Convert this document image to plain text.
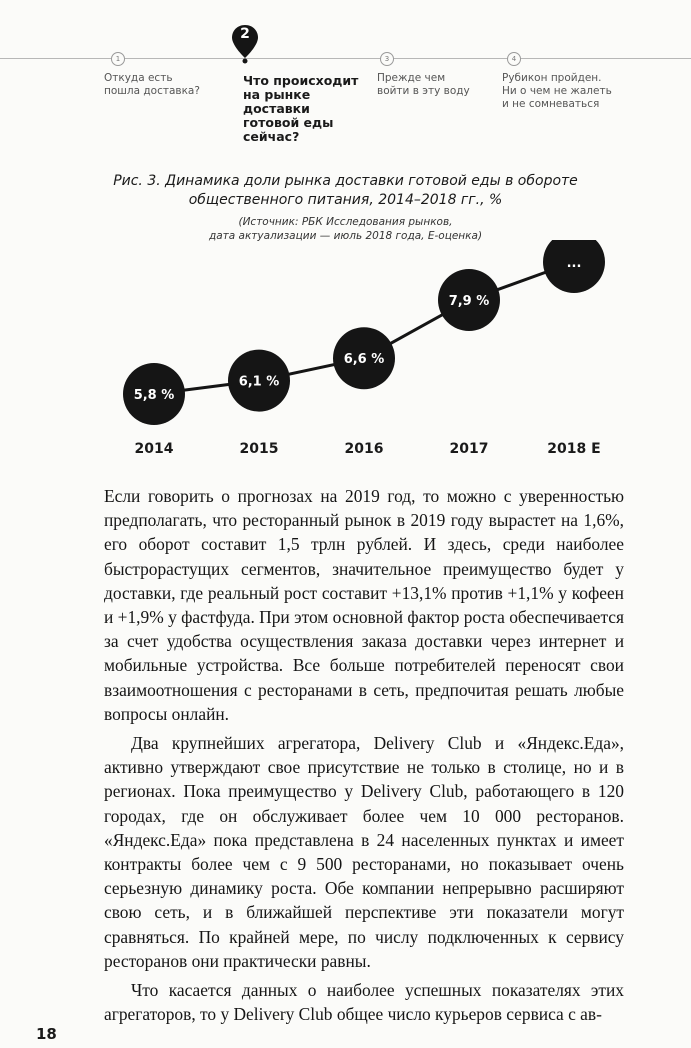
1	3	4
2
Откуда есть
пошла доставка?
Что происходит
на рынке
доставки
готовой еды
сейчас?
Прежде чем
войти в эту воду
Рубикон пройден.
Ни о чем не жалеть
и не сомневаться
Рис. 3. Динамика доли рынка доставки готовой еды в обороте общественного питания, 2014–2018 гг., %
(Источник: РБК Исследования рынков,
дата актуализации — июль 2018 года, E-оценка)
5,8 %
2014
6,1 %
2015
6,6 %
2016
7,9 %
2017
...
2018 E

Если говорить о прогнозах на 2019 год, то можно с уверенностью предполагать, что ресторанный рынок в 2019 году вырастет на 1,6%, его оборот составит 1,5 трлн рублей. И здесь, среди наиболее быстрорастущих сегментов, значительное преимущество будет у доставки, где реальный рост составит +13,1% против +1,1% у кофеен и +1,9% у фастфуда. При этом основной фактор роста обеспечивается за счет удобства осуществления заказа доставки через интернет и мобильные устройства. Все больше потребителей переносят свои взаимоотношения с ресторанами в сеть, предпочитая решать любые вопросы онлайн.

Два крупнейших агрегатора, Delivery Club и «Яндекс.Еда», активно утверждают свое присутствие не только в столице, но и в регионах. Пока преимущество у Delivery Club, работающего в 120 городах, где он обслуживает более чем 10 000 ресторанов. «Яндекс.Еда» пока представлена в 24 населенных пунктах и имеет контракты более чем с 9 500 ресторанами, но показывает очень серьезную динамику роста. Обе компании непрерывно расширяют свою сеть, и в ближайшей перспективе эти показатели могут сравняться. По крайней мере, по числу подключенных к сервису ресторанов они практически равны.

Что касается данных о наиболее успешных показателях этих агрегаторов, то у Delivery Club общее число курьеров сервиса с ав-

18
